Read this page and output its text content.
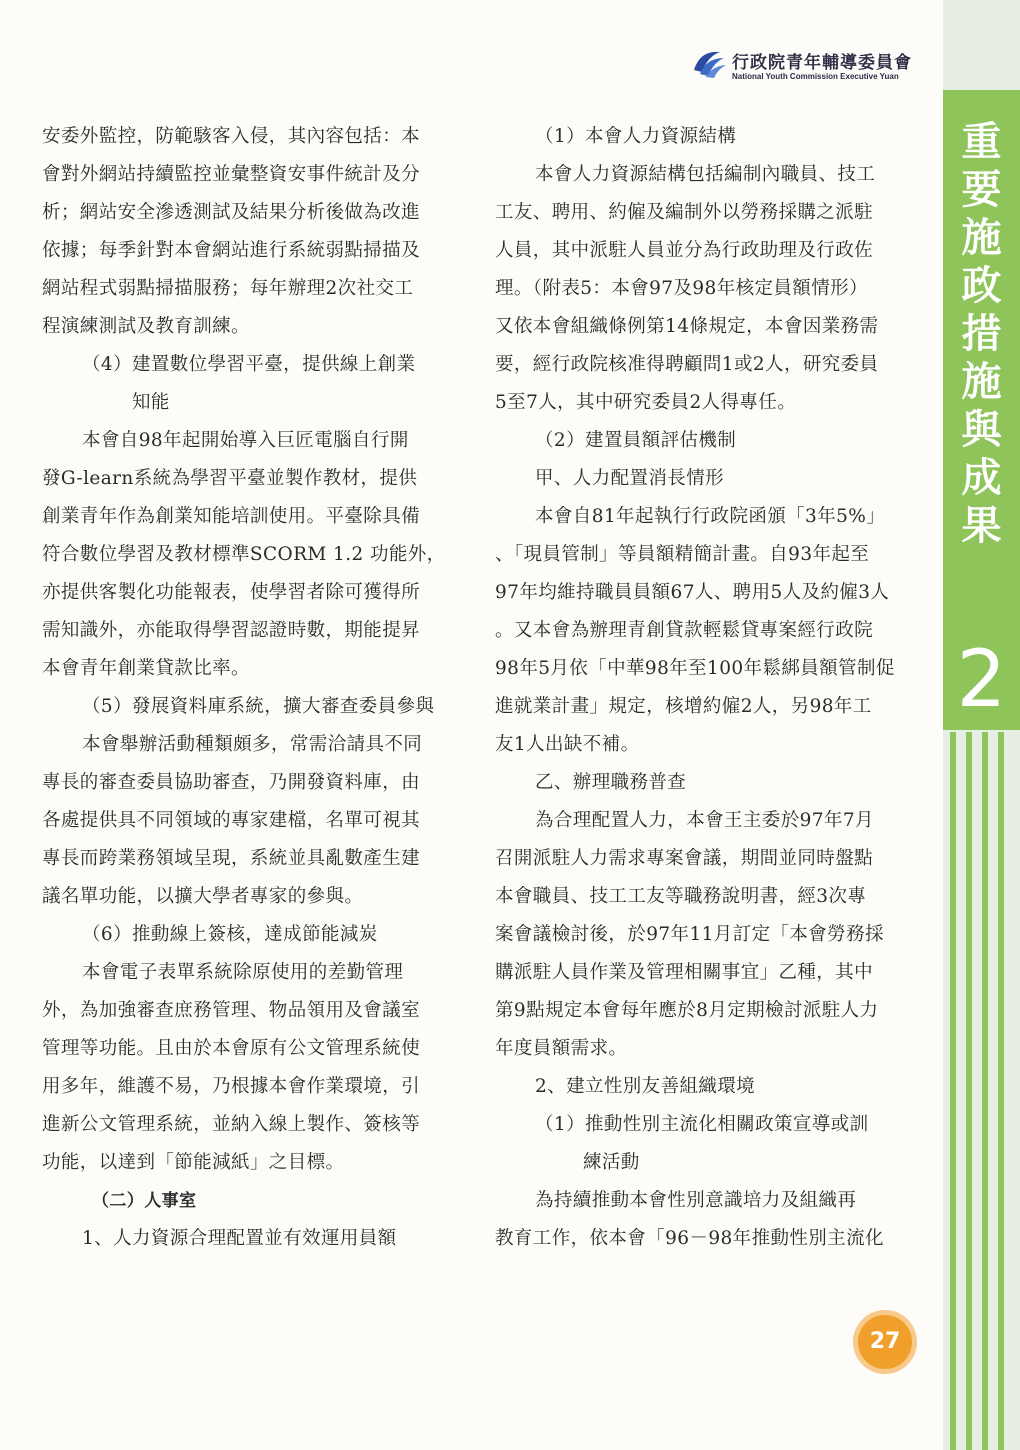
行政院青年輔導委員會
National Youth Commission Executive Yuan
重
要
施
政
措
施
與
成
果
2
安委外監控，防範駭客入侵，其內容包括：本
會對外網站持續監控並彙整資安事件統計及分
析；網站安全滲透測試及結果分析後做為改進
依據；每季針對本會網站進行系統弱點掃描及
網站程式弱點掃描服務；每年辦理2次社交工
程演練測試及教育訓練。
（4）建置數位學習平臺，提供線上創業
知能
本會自98年起開始導入巨匠電腦自行開
發G-learn系統為學習平臺並製作教材，提供
創業青年作為創業知能培訓使用。平臺除具備
符合數位學習及教材標準SCORM 1.2 功能外，
亦提供客製化功能報表，使學習者除可獲得所
需知識外，亦能取得學習認證時數，期能提昇
本會青年創業貸款比率。
（5）發展資料庫系統，擴大審查委員參與
本會舉辦活動種類頗多，常需洽請具不同
專長的審查委員協助審查，乃開發資料庫，由
各處提供具不同領域的專家建檔，名單可視其
專長而跨業務領域呈現，系統並具亂數產生建
議名單功能，以擴大學者專家的參與。
（6）推動線上簽核，達成節能減炭
本會電子表單系統除原使用的差勤管理
外，為加強審查庶務管理、物品領用及會議室
管理等功能。且由於本會原有公文管理系統使
用多年，維護不易，乃根據本會作業環境，引
進新公文管理系統，並納入線上製作、簽核等
功能，以達到「節能減紙」之目標。
（二）人事室
1、人力資源合理配置並有效運用員額
（1）本會人力資源結構
本會人力資源結構包括編制內職員、技工
工友、聘用、約僱及編制外以勞務採購之派駐
人員，其中派駐人員並分為行政助理及行政佐
理。（附表5：本會97及98年核定員額情形）
又依本會組織條例第14條規定，本會因業務需
要，經行政院核准得聘顧問1或2人，研究委員
5至7人，其中研究委員2人得專任。
（2）建置員額評估機制
甲、人力配置消長情形
本會自81年起執行行政院函頒「3年5%」
、「現員管制」等員額精簡計畫。自93年起至
97年均維持職員員額67人、聘用5人及約僱3人
。又本會為辦理青創貸款輕鬆貸專案經行政院
98年5月依「中華98年至100年鬆綁員額管制促
進就業計畫」規定，核增約僱2人，另98年工
友1人出缺不補。
乙、辦理職務普查
為合理配置人力，本會王主委於97年7月
召開派駐人力需求專案會議，期間並同時盤點
本會職員、技工工友等職務說明書，經3次專
案會議檢討後，於97年11月訂定「本會勞務採
購派駐人員作業及管理相關事宜」乙種，其中
第9點規定本會每年應於8月定期檢討派駐人力
年度員額需求。
2、建立性別友善組織環境
（1）推動性別主流化相關政策宣導或訓
練活動
為持續推動本會性別意識培力及組織再
教育工作，依本會「96－98年推動性別主流化
27
